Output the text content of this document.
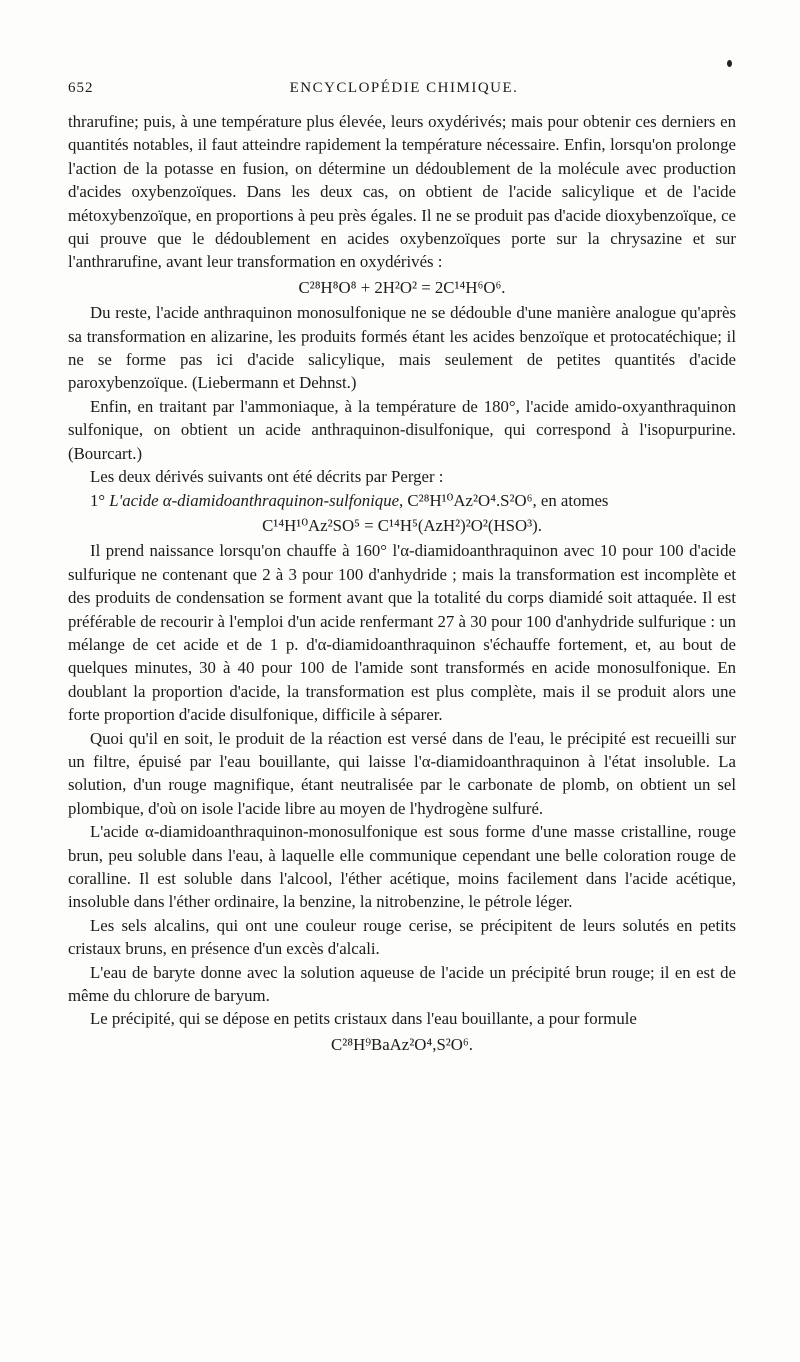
652	ENCYCLOPÉDIE CHIMIQUE.

thrarufine; puis, à une température plus élevée, leurs oxydérivés; mais pour obtenir ces derniers en quantités notables, il faut atteindre rapidement la température nécessaire. Enfin, lorsqu'on prolonge l'action de la potasse en fusion, on détermine un dédoublement de la molécule avec production d'acides oxybenzoïques. Dans les deux cas, on obtient de l'acide salicylique et de l'acide métoxybenzoïque, en proportions à peu près égales. Il ne se produit pas d'acide dioxybenzoïque, ce qui prouve que le dédoublement en acides oxybenzoïques porte sur la chrysazine et sur l'anthrarufine, avant leur transformation en oxydérivés :

C²⁸H⁸O⁸ + 2H²O² = 2C¹⁴H⁶O⁶.

Du reste, l'acide anthraquinon monosulfonique ne se dédouble d'une manière analogue qu'après sa transformation en alizarine, les produits formés étant les acides benzoïque et protocatéchique; il ne se forme pas ici d'acide salicylique, mais seulement de petites quantités d'acide paroxybenzoïque. (Liebermann et Dehnst.)

Enfin, en traitant par l'ammoniaque, à la température de 180°, l'acide amido-oxyanthraquinon sulfonique, on obtient un acide anthraquinon-disulfonique, qui correspond à l'isopurpurine. (Bourcart.)

Les deux dérivés suivants ont été décrits par Perger :

1° L'acide α-diamidoanthraquinon-sulfonique, C²⁸H¹⁰Az²O⁴.S²O⁶, en atomes

C¹⁴H¹⁰Az²SO⁵ = C¹⁴H⁵(AzH²)²O²(HSO³).

Il prend naissance lorsqu'on chauffe à 160° l'α-diamidoanthraquinon avec 10 pour 100 d'acide sulfurique ne contenant que 2 à 3 pour 100 d'anhydride ; mais la transformation est incomplète et des produits de condensation se forment avant que la totalité du corps diamidé soit attaquée. Il est préférable de recourir à l'emploi d'un acide renfermant 27 à 30 pour 100 d'anhydride sulfurique : un mélange de cet acide et de 1 p. d'α-diamidoanthraquinon s'échauffe fortement, et, au bout de quelques minutes, 30 à 40 pour 100 de l'amide sont transformés en acide monosulfonique. En doublant la proportion d'acide, la transformation est plus complète, mais il se produit alors une forte proportion d'acide disulfonique, difficile à séparer.

Quoi qu'il en soit, le produit de la réaction est versé dans de l'eau, le précipité est recueilli sur un filtre, épuisé par l'eau bouillante, qui laisse l'α-diamidoanthraquinon à l'état insoluble. La solution, d'un rouge magnifique, étant neutralisée par le carbonate de plomb, on obtient un sel plombique, d'où on isole l'acide libre au moyen de l'hydrogène sulfuré.

L'acide α-diamidoanthraquinon-monosulfonique est sous forme d'une masse cristalline, rouge brun, peu soluble dans l'eau, à laquelle elle communique cependant une belle coloration rouge de coralline. Il est soluble dans l'alcool, l'éther acétique, moins facilement dans l'acide acétique, insoluble dans l'éther ordinaire, la benzine, la nitrobenzine, le pétrole léger.

Les sels alcalins, qui ont une couleur rouge cerise, se précipitent de leurs solutés en petits cristaux bruns, en présence d'un excès d'alcali.

L'eau de baryte donne avec la solution aqueuse de l'acide un précipité brun rouge; il en est de même du chlorure de baryum.

Le précipité, qui se dépose en petits cristaux dans l'eau bouillante, a pour formule

C²⁸H⁹BaAz²O⁴,S²O⁶.
